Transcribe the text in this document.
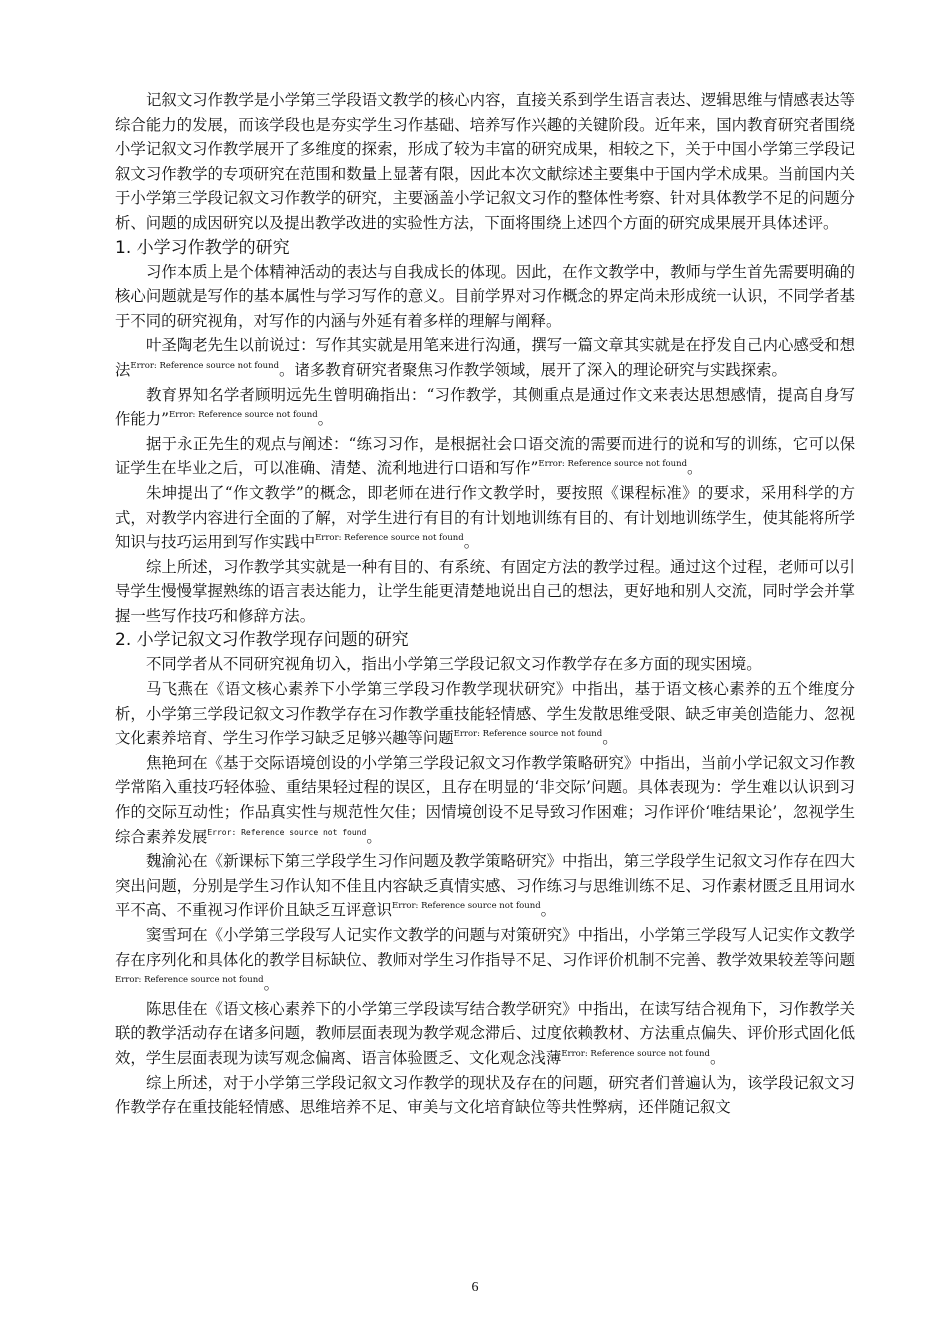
记叙文习作教学是小学第三学段语文教学的核心内容，直接关系到学生语言表达、逻辑思维与情感表达等综合能力的发展，而该学段也是夯实学生习作基础、培养写作兴趣的关键阶段。近年来，国内教育研究者围绕小学记叙文习作教学展开了多维度的探索，形成了较为丰富的研究成果，相较之下，关于中国小学第三学段记叙文习作教学的专项研究在范围和数量上显著有限，因此本次文献综述主要集中于国内学术成果。当前国内关于小学第三学段记叙文习作教学的研究，主要涵盖小学记叙文习作的整体性考察、针对具体教学不足的问题分析、问题的成因研究以及提出教学改进的实验性方法，下面将围绕上述四个方面的研究成果展开具体述评。

1. 小学习作教学的研究

习作本质上是个体精神活动的表达与自我成长的体现。因此，在作文教学中，教师与学生首先需要明确的核心问题就是写作的基本属性与学习写作的意义。目前学界对习作概念的界定尚未形成统一认识，不同学者基于不同的研究视角，对写作的内涵与外延有着多样的理解与阐释。

叶圣陶老先生以前说过：写作其实就是用笔来进行沟通，撰写一篇文章其实就是在抒发自己内心感受和想法$^{Error: Reference source not found}$。诸多教育研究者聚焦习作教学领域，展开了深入的理论研究与实践探索。

教育界知名学者顾明远先生曾明确指出：“习作教学，其侧重点是通过作文来表达思想感情，提高自身写作能力”$^{Error: Reference source not found}$。

据于永正先生的观点与阐述：“练习习作，是根据社会口语交流的需要而进行的说和写的训练，它可以保证学生在毕业之后，可以准确、清楚、流利地进行口语和写作”$^{Error: Reference source not found}$。

朱坤提出了“作文教学”的概念，即老师在进行作文教学时，要按照《课程标准》的要求，采用科学的方式，对教学内容进行全面的了解，对学生进行有目的有计划地训练有目的、有计划地训练学生，使其能将所学知识与技巧运用到写作实践中$^{Error: Reference source not found}$。

综上所述，习作教学其实就是一种有目的、有系统、有固定方法的教学过程。通过这个过程，老师可以引导学生慢慢掌握熟练的语言表达能力，让学生能更清楚地说出自己的想法，更好地和别人交流，同时学会并掌握一些写作技巧和修辞方法。

2. 小学记叙文习作教学现存问题的研究

不同学者从不同研究视角切入，指出小学第三学段记叙文习作教学存在多方面的现实困境。

马飞燕在《语文核心素养下小学第三学段习作教学现状研究》中指出，基于语文核心素养的五个维度分析，小学第三学段记叙文习作教学存在习作教学重技能轻情感、学生发散思维受限、缺乏审美创造能力、忽视文化素养培育、学生习作学习缺乏足够兴趣等问题$^{Error: Reference source not found}$。

焦艳珂在《基于交际语境创设的小学第三学段记叙文习作教学策略研究》中指出，当前小学记叙文习作教学常陷入重技巧轻体验、重结果轻过程的误区，且存在明显的‘非交际’问题。具体表现为：学生难以认识到习作的交际互动性；作品真实性与规范性欠佳；因情境创设不足导致习作困难；习作评价‘唯结果论’，忽视学生综合素养发展$^{Error: Reference source not found}$。

魏渝沁在《新课标下第三学段学生习作问题及教学策略研究》中指出，第三学段学生记叙文习作存在四大突出问题，分别是学生习作认知不佳且内容缺乏真情实感、习作练习与思维训练不足、习作素材匮乏且用词水平不高、不重视习作评价且缺乏互评意识$^{Error: Reference source not found}$。

窦雪珂在《小学第三学段写人记实作文教学的问题与对策研究》中指出，小学第三学段写人记实作文教学存在序列化和具体化的教学目标缺位、教师对学生习作指导不足、习作评价机制不完善、教学效果较差等问题$^{Error: Reference source not found}$。

陈思佳在《语文核心素养下的小学第三学段读写结合教学研究》中指出，在读写结合视角下，习作教学关联的教学活动存在诸多问题，教师层面表现为教学观念滞后、过度依赖教材、方法重点偏失、评价形式固化低效，学生层面表现为读写观念偏离、语言体验匮乏、文化观念浅薄$^{Error: Reference source not found}$。

综上所述，对于小学第三学段记叙文习作教学的现状及存在的问题，研究者们普遍认为，该学段记叙文习作教学存在重技能轻情感、思维培养不足、审美与文化培育缺位等共性弊病，还伴随记叙文

6
